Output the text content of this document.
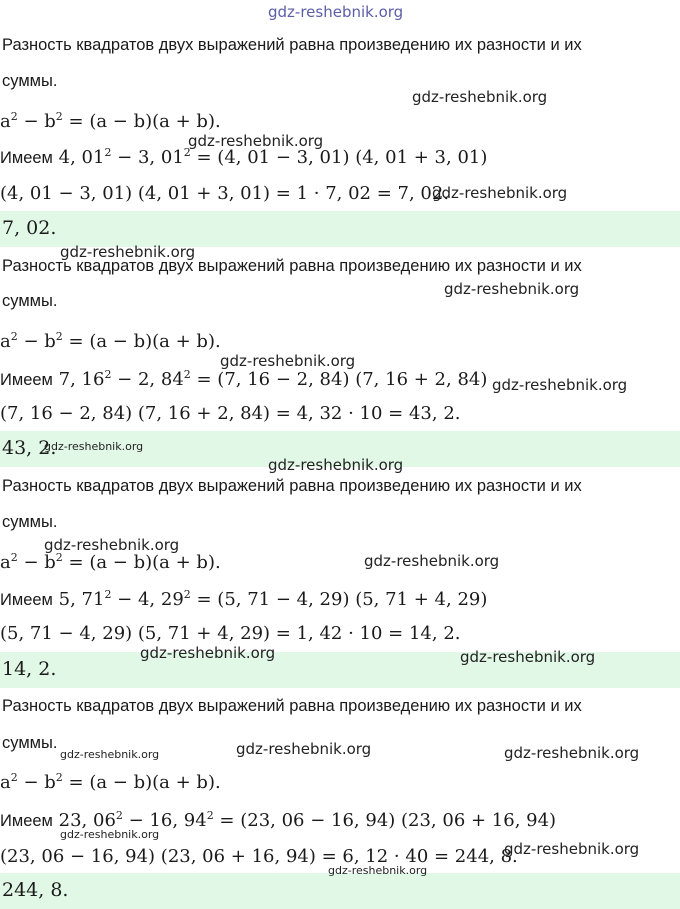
Разность квадратов двух выражений равна произведению их разности и их
суммы.
$a^2 - b^2 = (a - b)(a + b)$.
Имеем 4, $01^2 - 3$, $01^2 = (4$, 01 − 3, 01) (4, 01 + 3, 01)
(4, 01 − 3, 01) (4, 01 + 3, 01) = 1 · 7, 02 = 7, 02.
7, 02.
Разность квадратов двух выражений равна произведению их разности и их
суммы.
$a^2 - b^2 = (a - b)(a + b)$.
Имеем 7, $16^2 - 2$, $84^2 = (7$, 16 − 2, 84) (7, 16 + 2, 84)
(7, 16 − 2, 84) (7, 16 + 2, 84) = 4, 32 · 10 = 43, 2.
43, 2.
Разность квадратов двух выражений равна произведению их разности и их
суммы.
$a^2 - b^2 = (a - b)(a + b)$.
Имеем 5, $71^2 - 4$, $29^2 = (5$, 71 − 4, 29) (5, 71 + 4, 29)
(5, 71 − 4, 29) (5, 71 + 4, 29) = 1, 42 · 10 = 14, 2.
14, 2.
Разность квадратов двух выражений равна произведению их разности и их
суммы.
$a^2 - b^2 = (a - b)(a + b)$.
Имеем 23, $06^2 - 16$, $94^2 = (23$, 06 − 16, 94) (23, 06 + 16, 94)
(23, 06 − 16, 94) (23, 06 + 16, 94) = 6, 12 · 40 = 244, 8.
244, 8.
gdz-reshebnik.org
gdz-reshebnik.org
gdz-reshebnik.org
gdz-reshebnik.org
gdz-reshebnik.org
gdz-reshebnik.org
gdz-reshebnik.org
gdz-reshebnik.org
gdz-reshebnik.org
gdz-reshebnik.org
gdz-reshebnik.org
gdz-reshebnik.org
gdz-reshebnik.org	gdz-reshebnik.org
gdz-reshebnik.org	gdz-reshebnik.org	gdz-reshebnik.org
gdz-reshebnik.org
gdz-reshebnik.org
gdz-reshebnik.org
